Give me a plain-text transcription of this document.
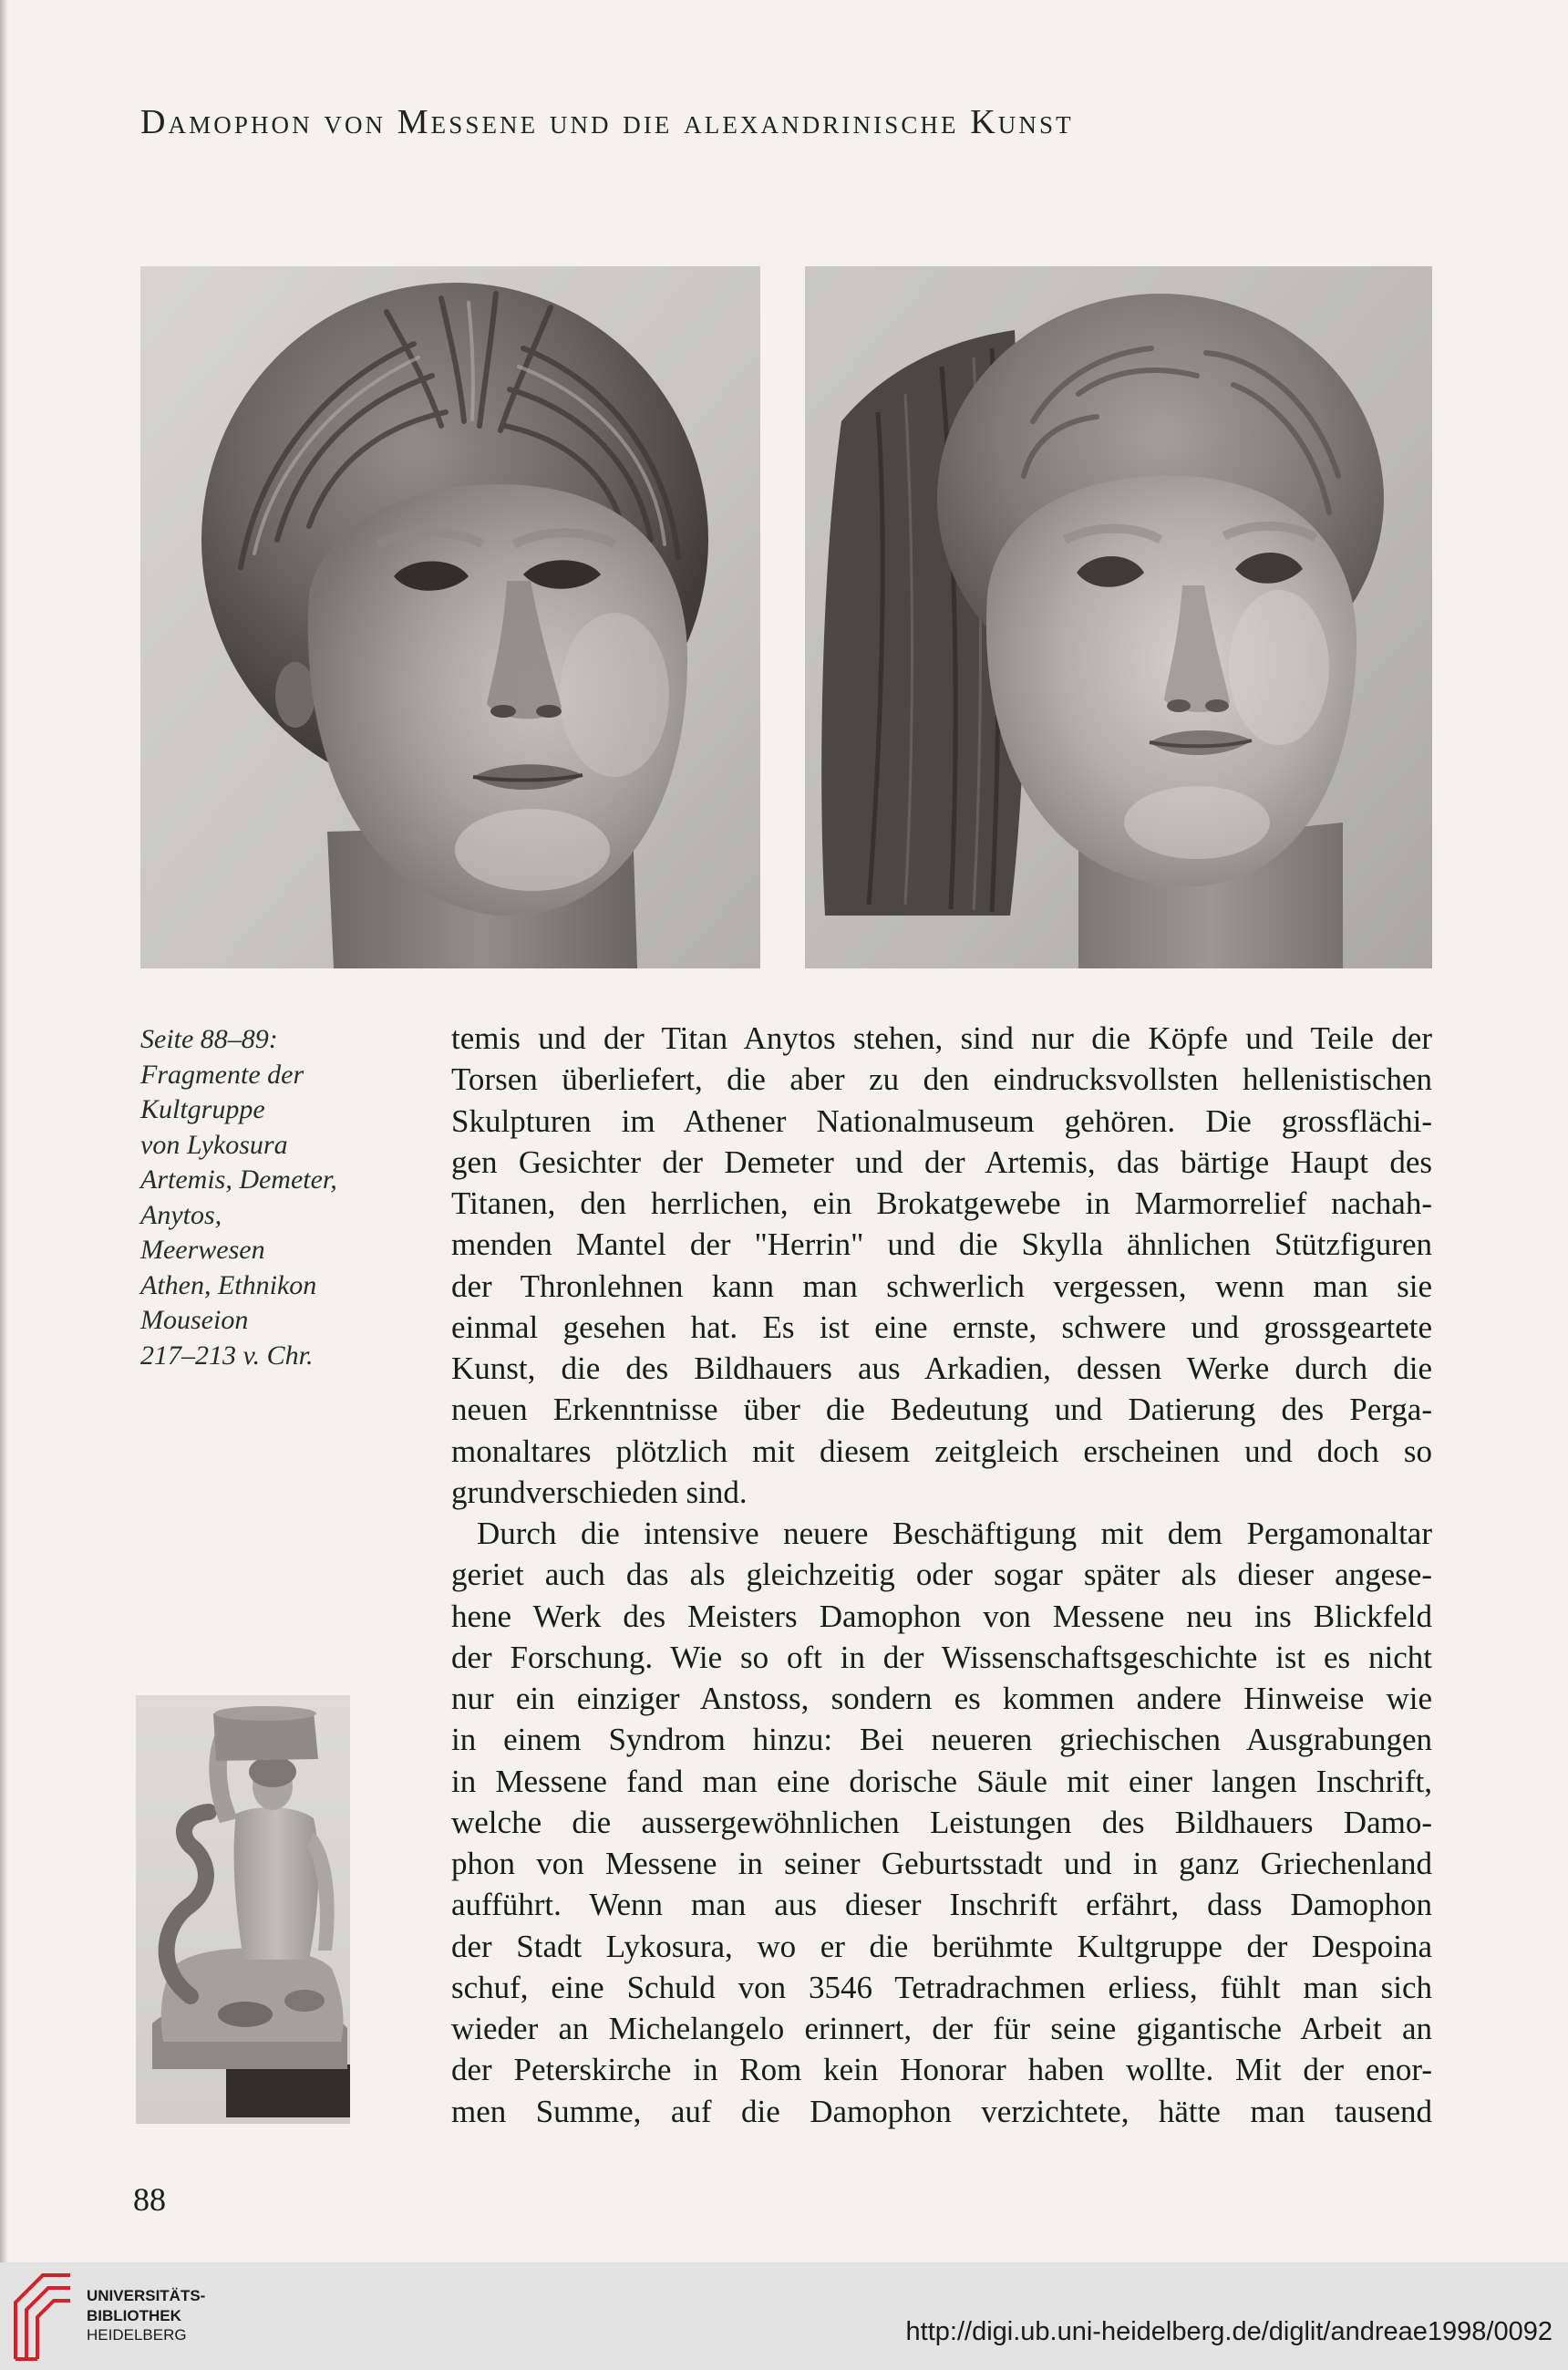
Damophon von Messene und die alexandrinische Kunst
Seite 88–89:
Fragmente der
Kultgruppe
von Lykosura
Artemis, Demeter,
Anytos,
Meerwesen
Athen, Ethnikon
Mouseion
217–213 v. Chr.
temis und der Titan Anytos stehen, sind nur die Köpfe und Teile der
Torsen überliefert, die aber zu den eindrucksvollsten hellenistischen
Skulpturen im Athener Nationalmuseum gehören. Die grossflächi-
gen Gesichter der Demeter und der Artemis, das bärtige Haupt des
Titanen, den herrlichen, ein Brokatgewebe in Marmorrelief nachah-
menden Mantel der "Herrin" und die Skylla ähnlichen Stützfiguren
der Thronlehnen kann man schwerlich vergessen, wenn man sie
einmal gesehen hat. Es ist eine ernste, schwere und grossgeartete
Kunst, die des Bildhauers aus Arkadien, dessen Werke durch die
neuen Erkenntnisse über die Bedeutung und Datierung des Perga-
monaltares plötzlich mit diesem zeitgleich erscheinen und doch so
grundverschieden sind.
Durch die intensive neuere Beschäftigung mit dem Pergamonaltar
geriet auch das als gleichzeitig oder sogar später als dieser angese-
hene Werk des Meisters Damophon von Messene neu ins Blickfeld
der Forschung. Wie so oft in der Wissenschaftsgeschichte ist es nicht
nur ein einziger Anstoss, sondern es kommen andere Hinweise wie
in einem Syndrom hinzu: Bei neueren griechischen Ausgrabungen
in Messene fand man eine dorische Säule mit einer langen Inschrift,
welche die aussergewöhnlichen Leistungen des Bildhauers Damo-
phon von Messene in seiner Geburtsstadt und in ganz Griechenland
aufführt. Wenn man aus dieser Inschrift erfährt, dass Damophon
der Stadt Lykosura, wo er die berühmte Kultgruppe der Despoina
schuf, eine Schuld von 3546 Tetradrachmen erliess, fühlt man sich
wieder an Michelangelo erinnert, der für seine gigantische Arbeit an
der Peterskirche in Rom kein Honorar haben wollte. Mit der enor-
men Summe, auf die Damophon verzichtete, hätte man tausend
88
UNIVERSITÄTS-
BIBLIOTHEK
HEIDELBERG	http://digi.ub.uni-heidelberg.de/diglit/andreae1998/0092
